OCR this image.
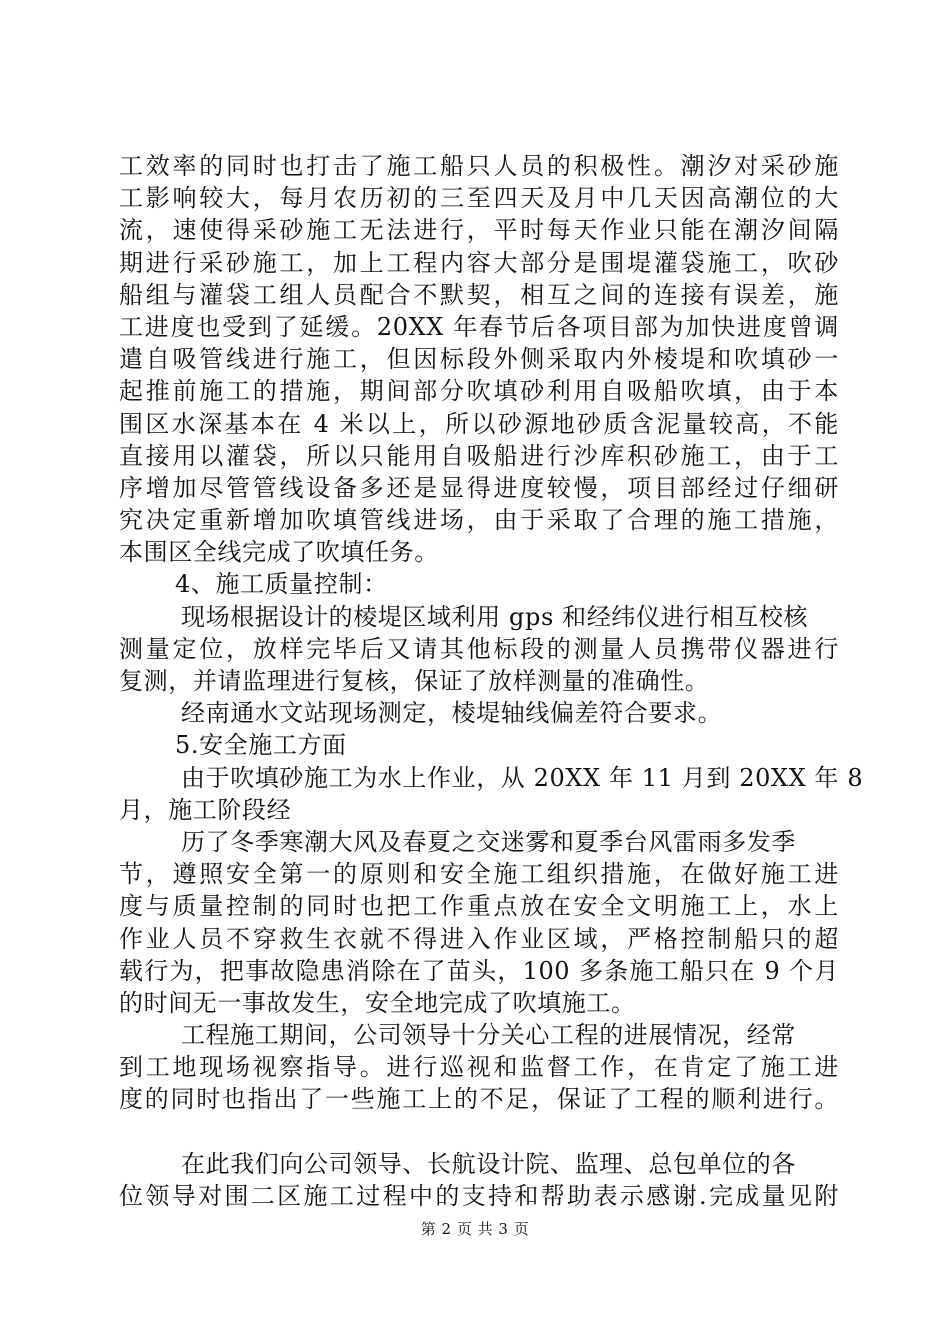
工效率的同时也打击了施工船只人员的积极性。潮汐对采砂施
工影响较大，每月农历初的三至四天及月中几天因高潮位的大
流，速使得采砂施工无法进行，平时每天作业只能在潮汐间隔
期进行采砂施工，加上工程内容大部分是围堤灌袋施工，吹砂
船组与灌袋工组人员配合不默契，相互之间的连接有误差，施
工进度也受到了延缓。20XX 年春节后各项目部为加快进度曾调
遣自吸管线进行施工，但因标段外侧采取内外棱堤和吹填砂一
起推前施工的措施，期间部分吹填砂利用自吸船吹填，由于本
围区水深基本在 4 米以上，所以砂源地砂质含泥量较高，不能
直接用以灌袋，所以只能用自吸船进行沙库积砂施工，由于工
序增加尽管管线设备多还是显得进度较慢，项目部经过仔细研
究决定重新增加吹填管线进场，由于采取了合理的施工措施，
本围区全线完成了吹填任务。
4、施工质量控制：
现场根据设计的棱堤区域利用 gps 和经纬仪进行相互校核
测量定位，放样完毕后又请其他标段的测量人员携带仪器进行
复测，并请监理进行复核，保证了放样测量的准确性。
经南通水文站现场测定，棱堤轴线偏差符合要求。
5.安全施工方面
由于吹填砂施工为水上作业，从 20XX 年 11 月到 20XX 年 8
月，施工阶段经
历了冬季寒潮大风及春夏之交迷雾和夏季台风雷雨多发季
节，遵照安全第一的原则和安全施工组织措施，在做好施工进
度与质量控制的同时也把工作重点放在安全文明施工上，水上
作业人员不穿救生衣就不得进入作业区域，严格控制船只的超
载行为，把事故隐患消除在了苗头，100 多条施工船只在 9 个月
的时间无一事故发生，安全地完成了吹填施工。
工程施工期间，公司领导十分关心工程的进展情况，经常
到工地现场视察指导。进行巡视和监督工作，在肯定了施工进
度的同时也指出了一些施工上的不足，保证了工程的顺利进行。
在此我们向公司领导、长航设计院、监理、总包单位的各
位领导对围二区施工过程中的支持和帮助表示感谢.完成量见附
第 2 页 共 3 页
